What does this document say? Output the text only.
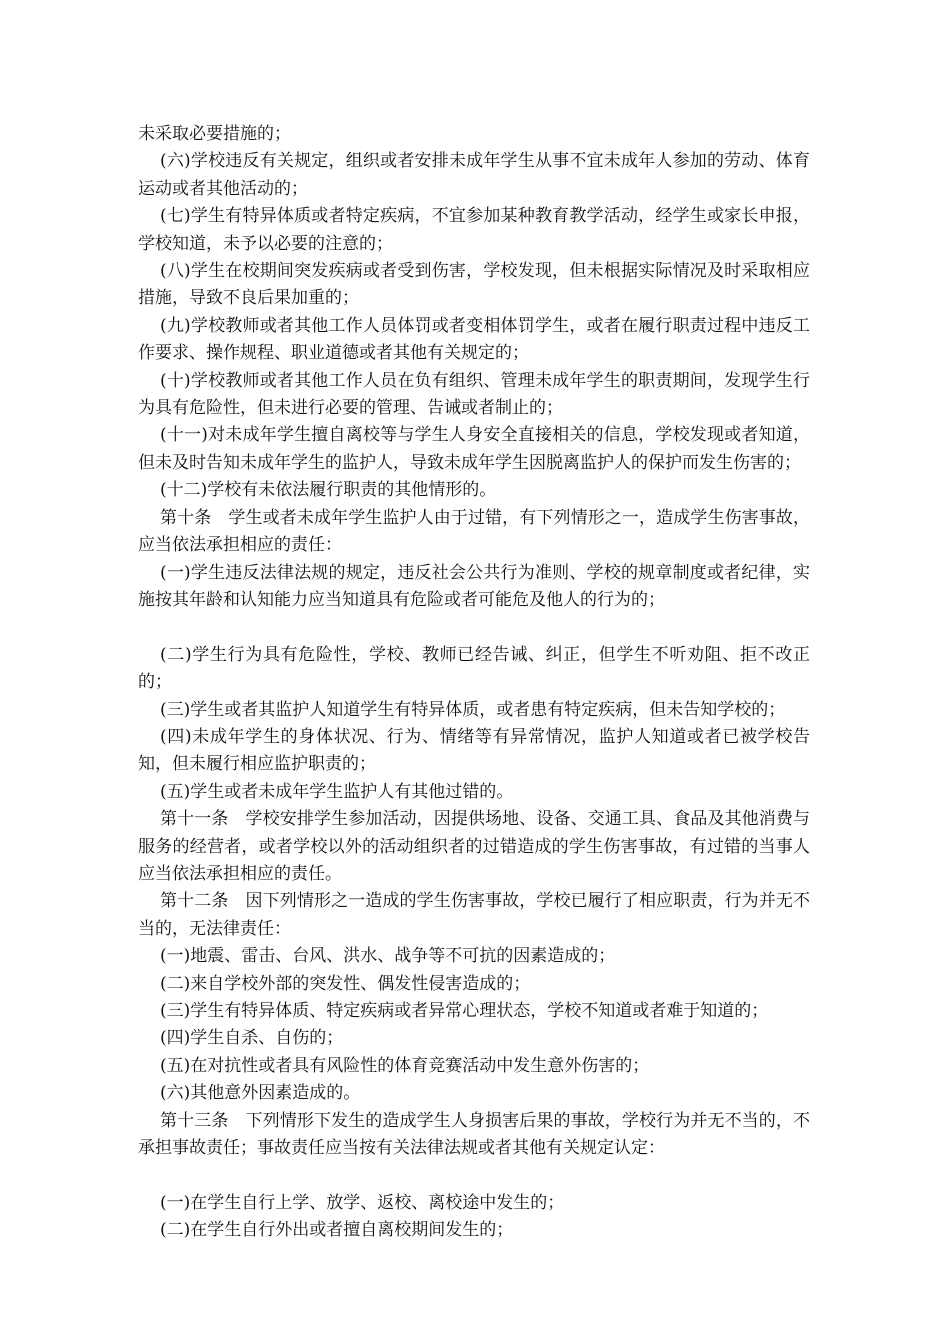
未采取必要措施的；

(六)学校违反有关规定，组织或者安排未成年学生从事不宜未成年人参加的劳动、体育运动或者其他活动的；

(七)学生有特异体质或者特定疾病，不宜参加某种教育教学活动，经学生或家长申报，学校知道，未予以必要的注意的；

(八)学生在校期间突发疾病或者受到伤害，学校发现，但未根据实际情况及时采取相应措施，导致不良后果加重的；

(九)学校教师或者其他工作人员体罚或者变相体罚学生，或者在履行职责过程中违反工作要求、操作规程、职业道德或者其他有关规定的；

(十)学校教师或者其他工作人员在负有组织、管理未成年学生的职责期间，发现学生行为具有危险性，但未进行必要的管理、告诫或者制止的；

(十一)对未成年学生擅自离校等与学生人身安全直接相关的信息，学校发现或者知道，但未及时告知未成年学生的监护人，导致未成年学生因脱离监护人的保护而发生伤害的；

(十二)学校有未依法履行职责的其他情形的。

第十条　学生或者未成年学生监护人由于过错，有下列情形之一，造成学生伤害事故，应当依法承担相应的责任：

(一)学生违反法律法规的规定，违反社会公共行为准则、学校的规章制度或者纪律，实施按其年龄和认知能力应当知道具有危险或者可能危及他人的行为的；

(二)学生行为具有危险性，学校、教师已经告诫、纠正，但学生不听劝阻、拒不改正的；

(三)学生或者其监护人知道学生有特异体质，或者患有特定疾病，但未告知学校的；

(四)未成年学生的身体状况、行为、情绪等有异常情况，监护人知道或者已被学校告知，但未履行相应监护职责的；

(五)学生或者未成年学生监护人有其他过错的。

第十一条　学校安排学生参加活动，因提供场地、设备、交通工具、食品及其他消费与服务的经营者，或者学校以外的活动组织者的过错造成的学生伤害事故，有过错的当事人应当依法承担相应的责任。

第十二条　因下列情形之一造成的学生伤害事故，学校已履行了相应职责，行为并无不当的，无法律责任：

(一)地震、雷击、台风、洪水、战争等不可抗的因素造成的；

(二)来自学校外部的突发性、偶发性侵害造成的；

(三)学生有特异体质、特定疾病或者异常心理状态，学校不知道或者难于知道的；

(四)学生自杀、自伤的；

(五)在对抗性或者具有风险性的体育竞赛活动中发生意外伤害的；

(六)其他意外因素造成的。

第十三条　下列情形下发生的造成学生人身损害后果的事故，学校行为并无不当的，不承担事故责任；事故责任应当按有关法律法规或者其他有关规定认定：

(一)在学生自行上学、放学、返校、离校途中发生的；

(二)在学生自行外出或者擅自离校期间发生的；
